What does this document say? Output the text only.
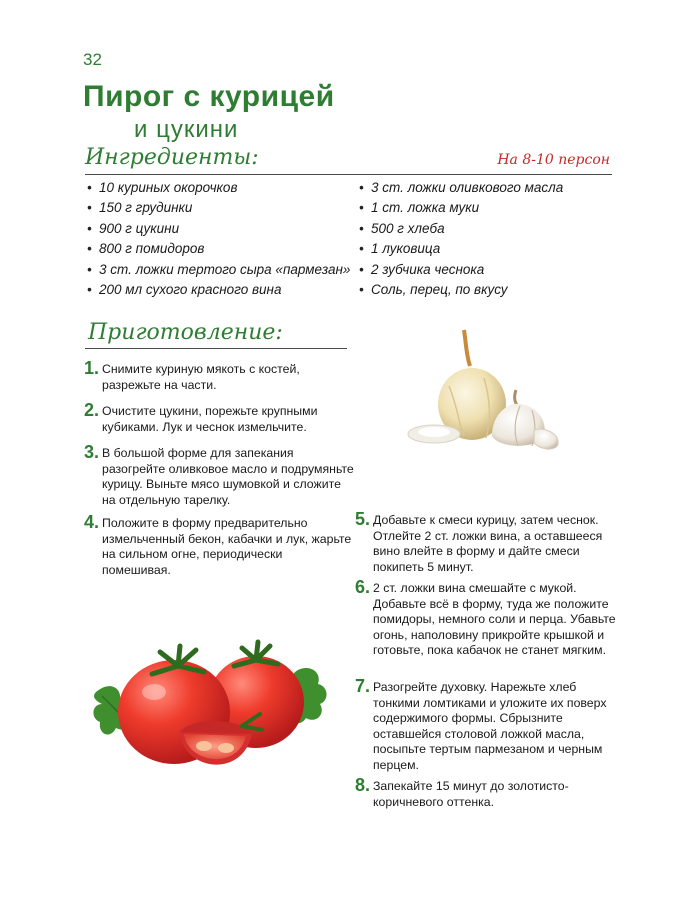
32
Пирог с курицей
и цукини
Ингредиенты:	На 8-10 персон
• 10 куриных окорочков
• 150 г грудинки
• 900 г цукини
• 800 г помидоров
• 3 ст. ложки тертого сыра «пармезан»
• 200 мл сухого красного вина
• 3 ст. ложки оливкового масла
• 1 ст. ложка муки
• 500 г хлеба
• 1 луковица
• 2 зубчика чеснока
• Соль, перец, по вкусу
Приготовление:
1. Снимите куриную мякоть с костей, разрежьте на части.
2. Очистите цукини, порежьте крупными кубиками. Лук и чеснок измельчите.
3. В большой форме для запекания разогрейте оливковое масло и подрумяньте курицу. Выньте мясо шумовкой и сложите на отдельную тарелку.
4. Положите в форму предварительно измельченный бекон, кабачки и лук, жарьте на сильном огне, периодически помешивая.
5. Добавьте к смеси курицу, затем чеснок. Отлейте 2 ст. ложки вина, а оставшееся вино влейте в форму и дайте смеси покипеть 5 минут.
6. 2 ст. ложки вина смешайте с мукой. Добавьте всё в форму, туда же положите помидоры, немного соли и перца. Убавьте огонь, наполовину прикройте крышкой и готовьте, пока кабачок не станет мягким.
7. Разогрейте духовку. Нарежьте хлеб тонкими ломтиками и уложите их поверх содержимого формы. Сбрызните оставшейся столовой ложкой масла, посыпьте тертым пармезаном и черным перцем.
8. Запекайте 15 минут до золотисто-коричневого оттенка.
